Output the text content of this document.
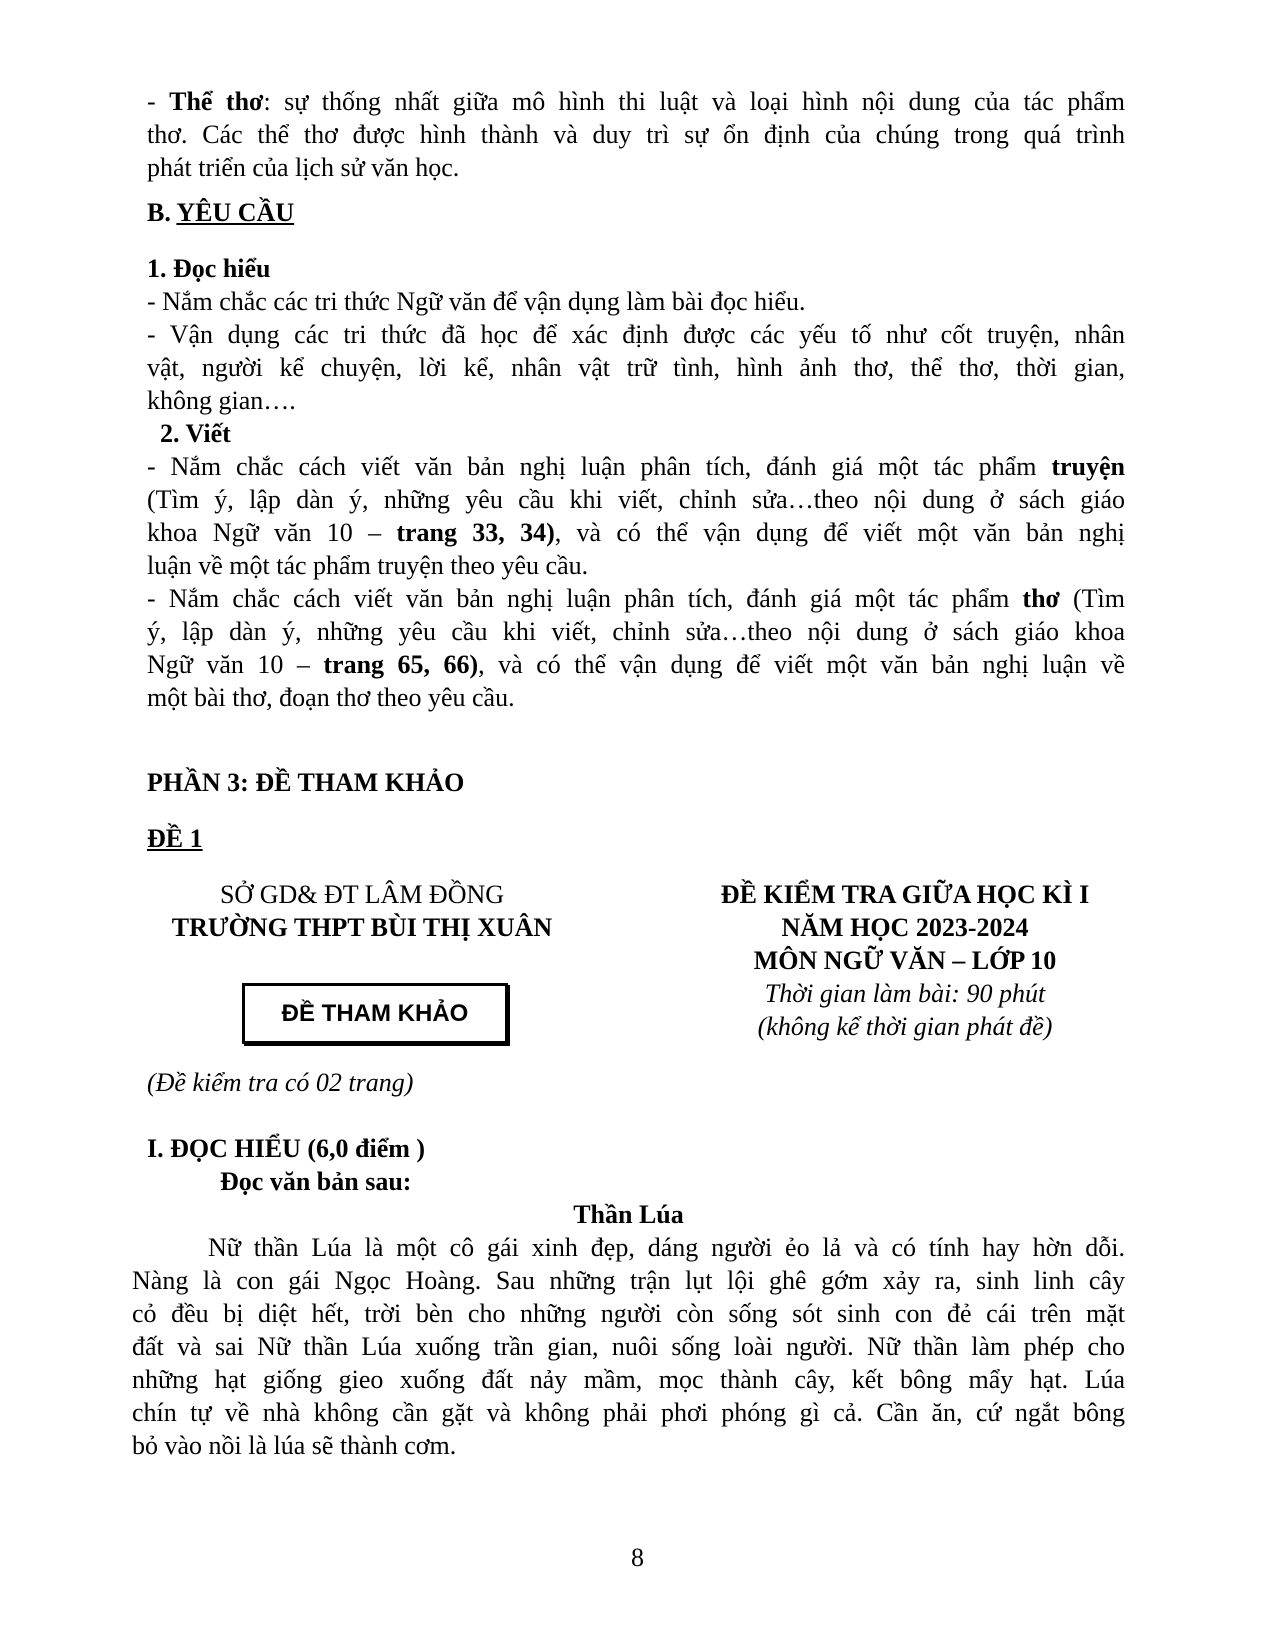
- Thể thơ: sự thống nhất giữa mô hình thi luật và loại hình nội dung của tác phẩm
thơ. Các thể thơ được hình thành và duy trì sự ổn định của chúng trong quá trình
phát triển của lịch sử văn học.
B. YÊU CẦU
1. Đọc hiểu
- Nắm chắc các tri thức Ngữ văn để vận dụng làm bài đọc hiểu.
- Vận dụng các tri thức đã học để xác định được các yếu tố như cốt truyện, nhân
vật, người kể chuyện, lời kể, nhân vật trữ tình, hình ảnh thơ, thể thơ, thời gian,
không gian….
2. Viết
- Nắm chắc cách viết văn bản nghị luận phân tích, đánh giá một tác phẩm truyện
(Tìm ý, lập dàn ý, những yêu cầu khi viết, chỉnh sửa…theo nội dung ở sách giáo
khoa Ngữ văn 10 – trang 33, 34), và có thể vận dụng để viết một văn bản nghị
luận về một tác phẩm truyện theo yêu cầu.
- Nắm chắc cách viết văn bản nghị luận phân tích, đánh giá một tác phẩm thơ (Tìm
ý, lập dàn ý, những yêu cầu khi viết, chỉnh sửa…theo nội dung ở sách giáo khoa
Ngữ văn 10 – trang 65, 66), và có thể vận dụng để viết một văn bản nghị luận về
một bài thơ, đoạn thơ theo yêu cầu.
PHẦN 3: ĐỀ THAM KHẢO
ĐỀ 1
SỞ GD& ĐT LÂM ĐỒNG
TRƯỜNG THPT BÙI THỊ XUÂN
ĐỀ THAM KHẢO
ĐỀ KIỂM TRA GIỮA HỌC KÌ I
NĂM HỌC 2023-2024
MÔN NGỮ VĂN – LỚP 10
Thời gian làm bài: 90 phút
(không kể thời gian phát đề)
(Đề kiểm tra có 02 trang)
I. ĐỌC HIỂU (6,0 điểm )
Đọc văn bản sau:
Thần Lúa
Nữ thần Lúa là một cô gái xinh đẹp, dáng người ẻo lả và có tính hay hờn dỗi.
Nàng là con gái Ngọc Hoàng. Sau những trận lụt lội ghê gớm xảy ra, sinh linh cây
cỏ đều bị diệt hết, trời bèn cho những người còn sống sót sinh con đẻ cái trên mặt
đất và sai Nữ thần Lúa xuống trần gian, nuôi sống loài người. Nữ thần làm phép cho
những hạt giống gieo xuống đất nảy mầm, mọc thành cây, kết bông mẩy hạt. Lúa
chín tự về nhà không cần gặt và không phải phơi phóng gì cả. Cần ăn, cứ ngắt bông
bỏ vào nồi là lúa sẽ thành cơm.
8
